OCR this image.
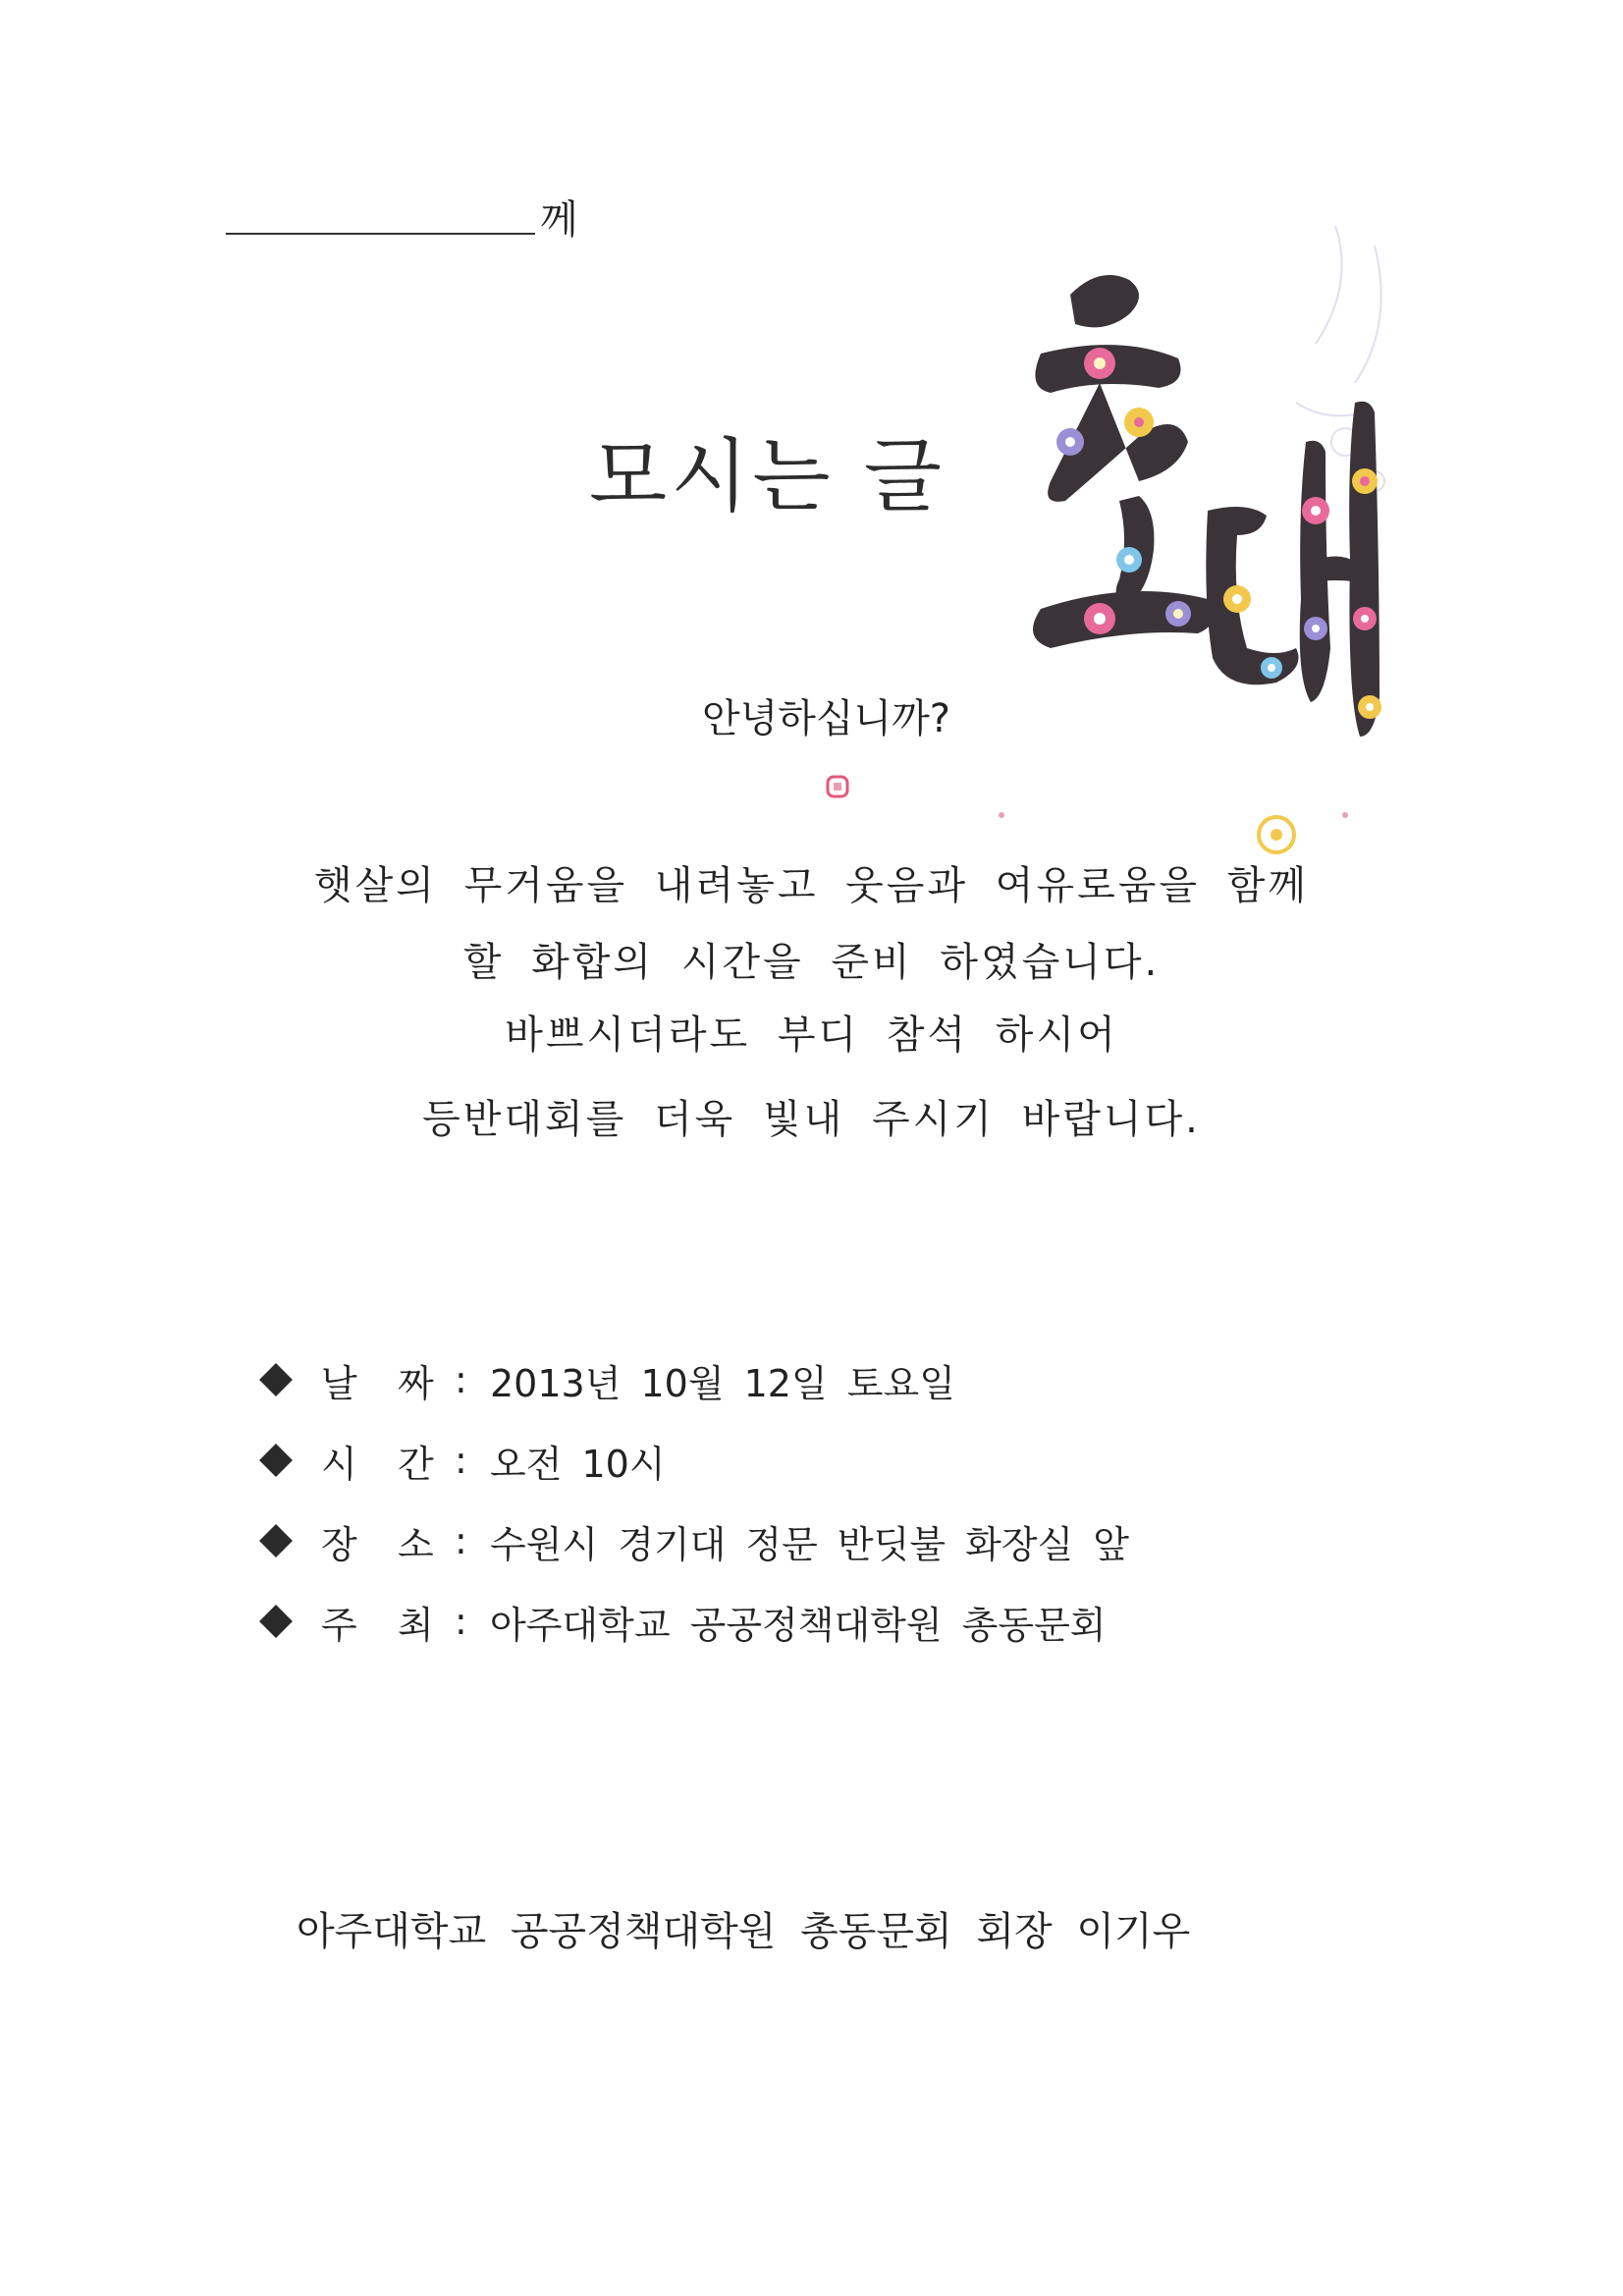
께
모시는 글
안녕하십니까?
햇살의 무거움을 내려놓고 웃음과 여유로움을 함께
할 화합의 시간을 준비 하였습니다.
바쁘시더라도 부디 참석 하시어
등반대회를 더욱 빛내 주시기 바랍니다.
날	짜 : 2013년 10월 12일 토요일
시	간 : 오전 10시
장	소 : 수원시 경기대 정문 반딧불 화장실 앞
주	최 : 아주대학교 공공정책대학원 총동문회
아주대학교 공공정책대학원 총동문회 회장 이기우
